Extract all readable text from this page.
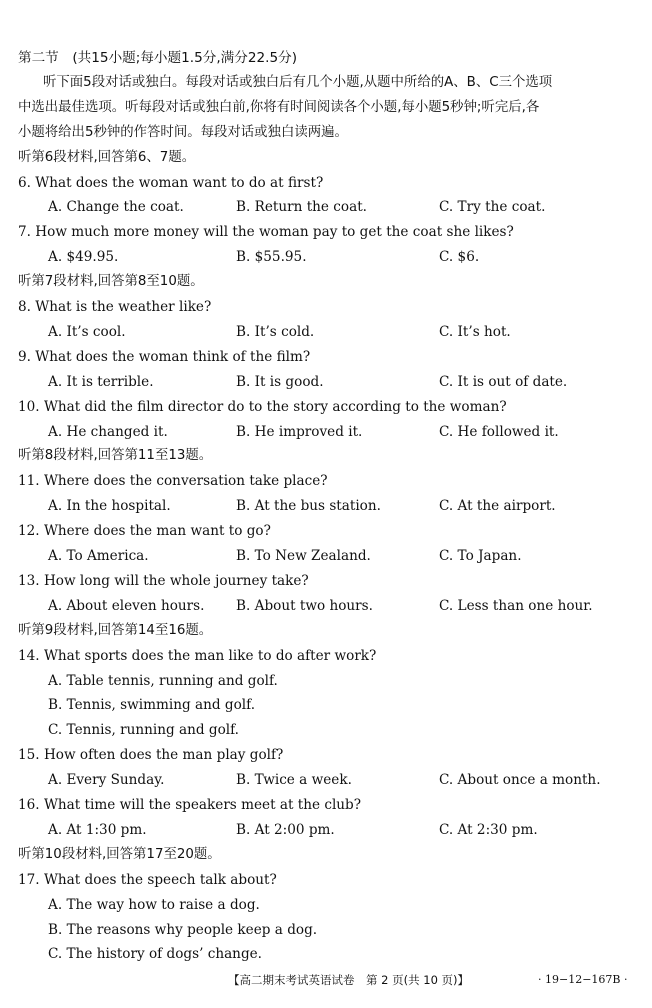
第二节　(共15小题;每小题1.5分,满分22.5分)
听下面5段对话或独白。每段对话或独白后有几个小题,从题中所给的A、B、C三个选项
中选出最佳选项。听每段对话或独白前,你将有时间阅读各个小题,每小题5秒钟;听完后,各
小题将给出5秒钟的作答时间。每段对话或独白读两遍。
听第6段材料,回答第6、7题。
6. What does the woman want to do at first?
A. Change the coat.	B. Return the coat.	C. Try the coat.
7. How much more money will the woman pay to get the coat she likes?
A. $49.95.	B. $55.95.	C. $6.
听第7段材料,回答第8至10题。
8. What is the weather like?
A. It’s cool.	B. It’s cold.	C. It’s hot.
9. What does the woman think of the film?
A. It is terrible.	B. It is good.	C. It is out of date.
10. What did the film director do to the story according to the woman?
A. He changed it.	B. He improved it.	C. He followed it.
听第8段材料,回答第11至13题。
11. Where does the conversation take place?
A. In the hospital.	B. At the bus station.	C. At the airport.
12. Where does the man want to go?
A. To America.	B. To New Zealand.	C. To Japan.
13. How long will the whole journey take?
A. About eleven hours. B. About two hours.	C. Less than one hour.
听第9段材料,回答第14至16题。
14. What sports does the man like to do after work?
A. Table tennis, running and golf.
B. Tennis, swimming and golf.
C. Tennis, running and golf.
15. How often does the man play golf?
A. Every Sunday.	B. Twice a week.	C. About once a month.
16. What time will the speakers meet at the club?
A. At 1:30 pm.	B. At 2:00 pm.	C. At 2:30 pm.
听第10段材料,回答第17至20题。
17. What does the speech talk about?
A. The way how to raise a dog.
B. The reasons why people keep a dog.
C. The history of dogs’ change.
【高二期末考试英语试卷　第 2 页(共 10 页)】	· 19−12−167B ·
